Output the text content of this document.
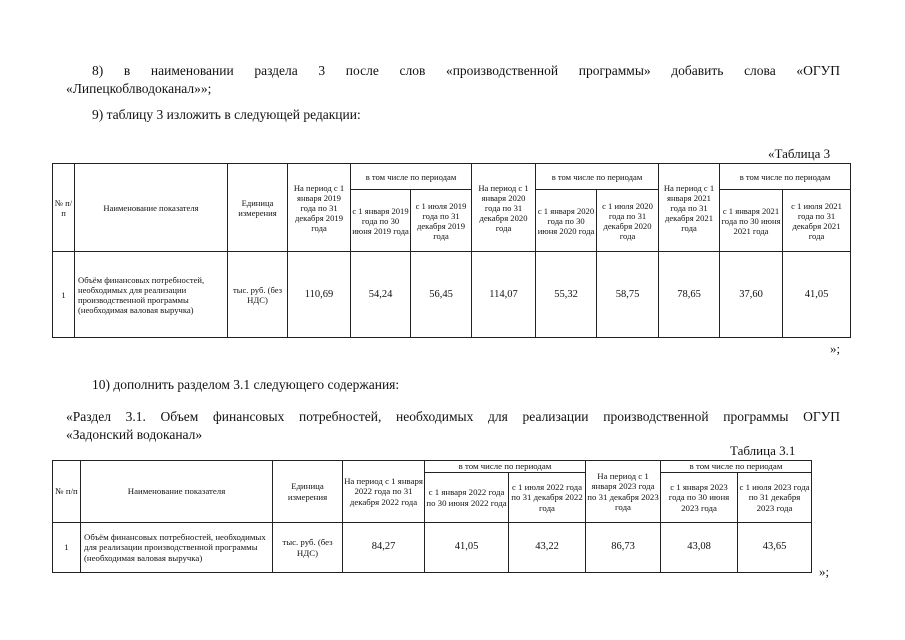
8) в наименовании раздела 3 после слов «производственной программы» добавить слова «ОГУП
«Липецкоблводоканал»»;
9) таблицу 3 изложить в следующей редакции:
«Таблица 3
№ п/п	Наименование показателя	Единица измерения	На период с 1 января 2019 года по 31 декабря 2019 года	в том числе по периодам		На период с 1 января 2020 года по 31 декабря 2020 года	в том числе по периодам		На период с 1 января 2021 года по 31 декабря 2021 года	в том числе по периодам	
				с 1 января 2019 года по 30 июня 2019 года	с 1 июля 2019 года по 31 декабря 2019 года		с 1 января 2020 года по 30 июня 2020 года	с 1 июля 2020 года по 31 декабря 2020 года		с 1 января 2021 года по 30 июня 2021 года	с 1 июля 2021 года по 31 декабря 2021 года
1	Объём финансовых потребностей, необходимых для реализации производственной программы (необходимая валовая выручка)	тыс. руб. (без НДС)	110,69	54,24	56,45	114,07	55,32	58,75	78,65	37,60	41,05
»;
10) дополнить разделом 3.1 следующего содержания:
«Раздел 3.1. Объем финансовых потребностей, необходимых для реализации производственной программы ОГУП
«Задонский водоканал»
Таблица 3.1
№ п/п	Наименование показателя	Единица измерения	На период с 1 января 2022 года по 31 декабря 2022 года	в том числе по периодам		На период с 1 января 2023 года по 31 декабря 2023 года	в том числе по периодам	
				с 1 января 2022 года по 30 июня 2022 года	с 1 июля 2022 года по 31 декабря 2022 года		с 1 января 2023 года по 30 июня 2023 года	с 1 июля 2023 года по 31 декабря 2023 года
1	Объём финансовых потребностей, необходимых для реализации производственной программы (необходимая валовая выручка)	тыс. руб. (без НДС)	84,27	41,05	43,22	86,73	43,08	43,65
»;
